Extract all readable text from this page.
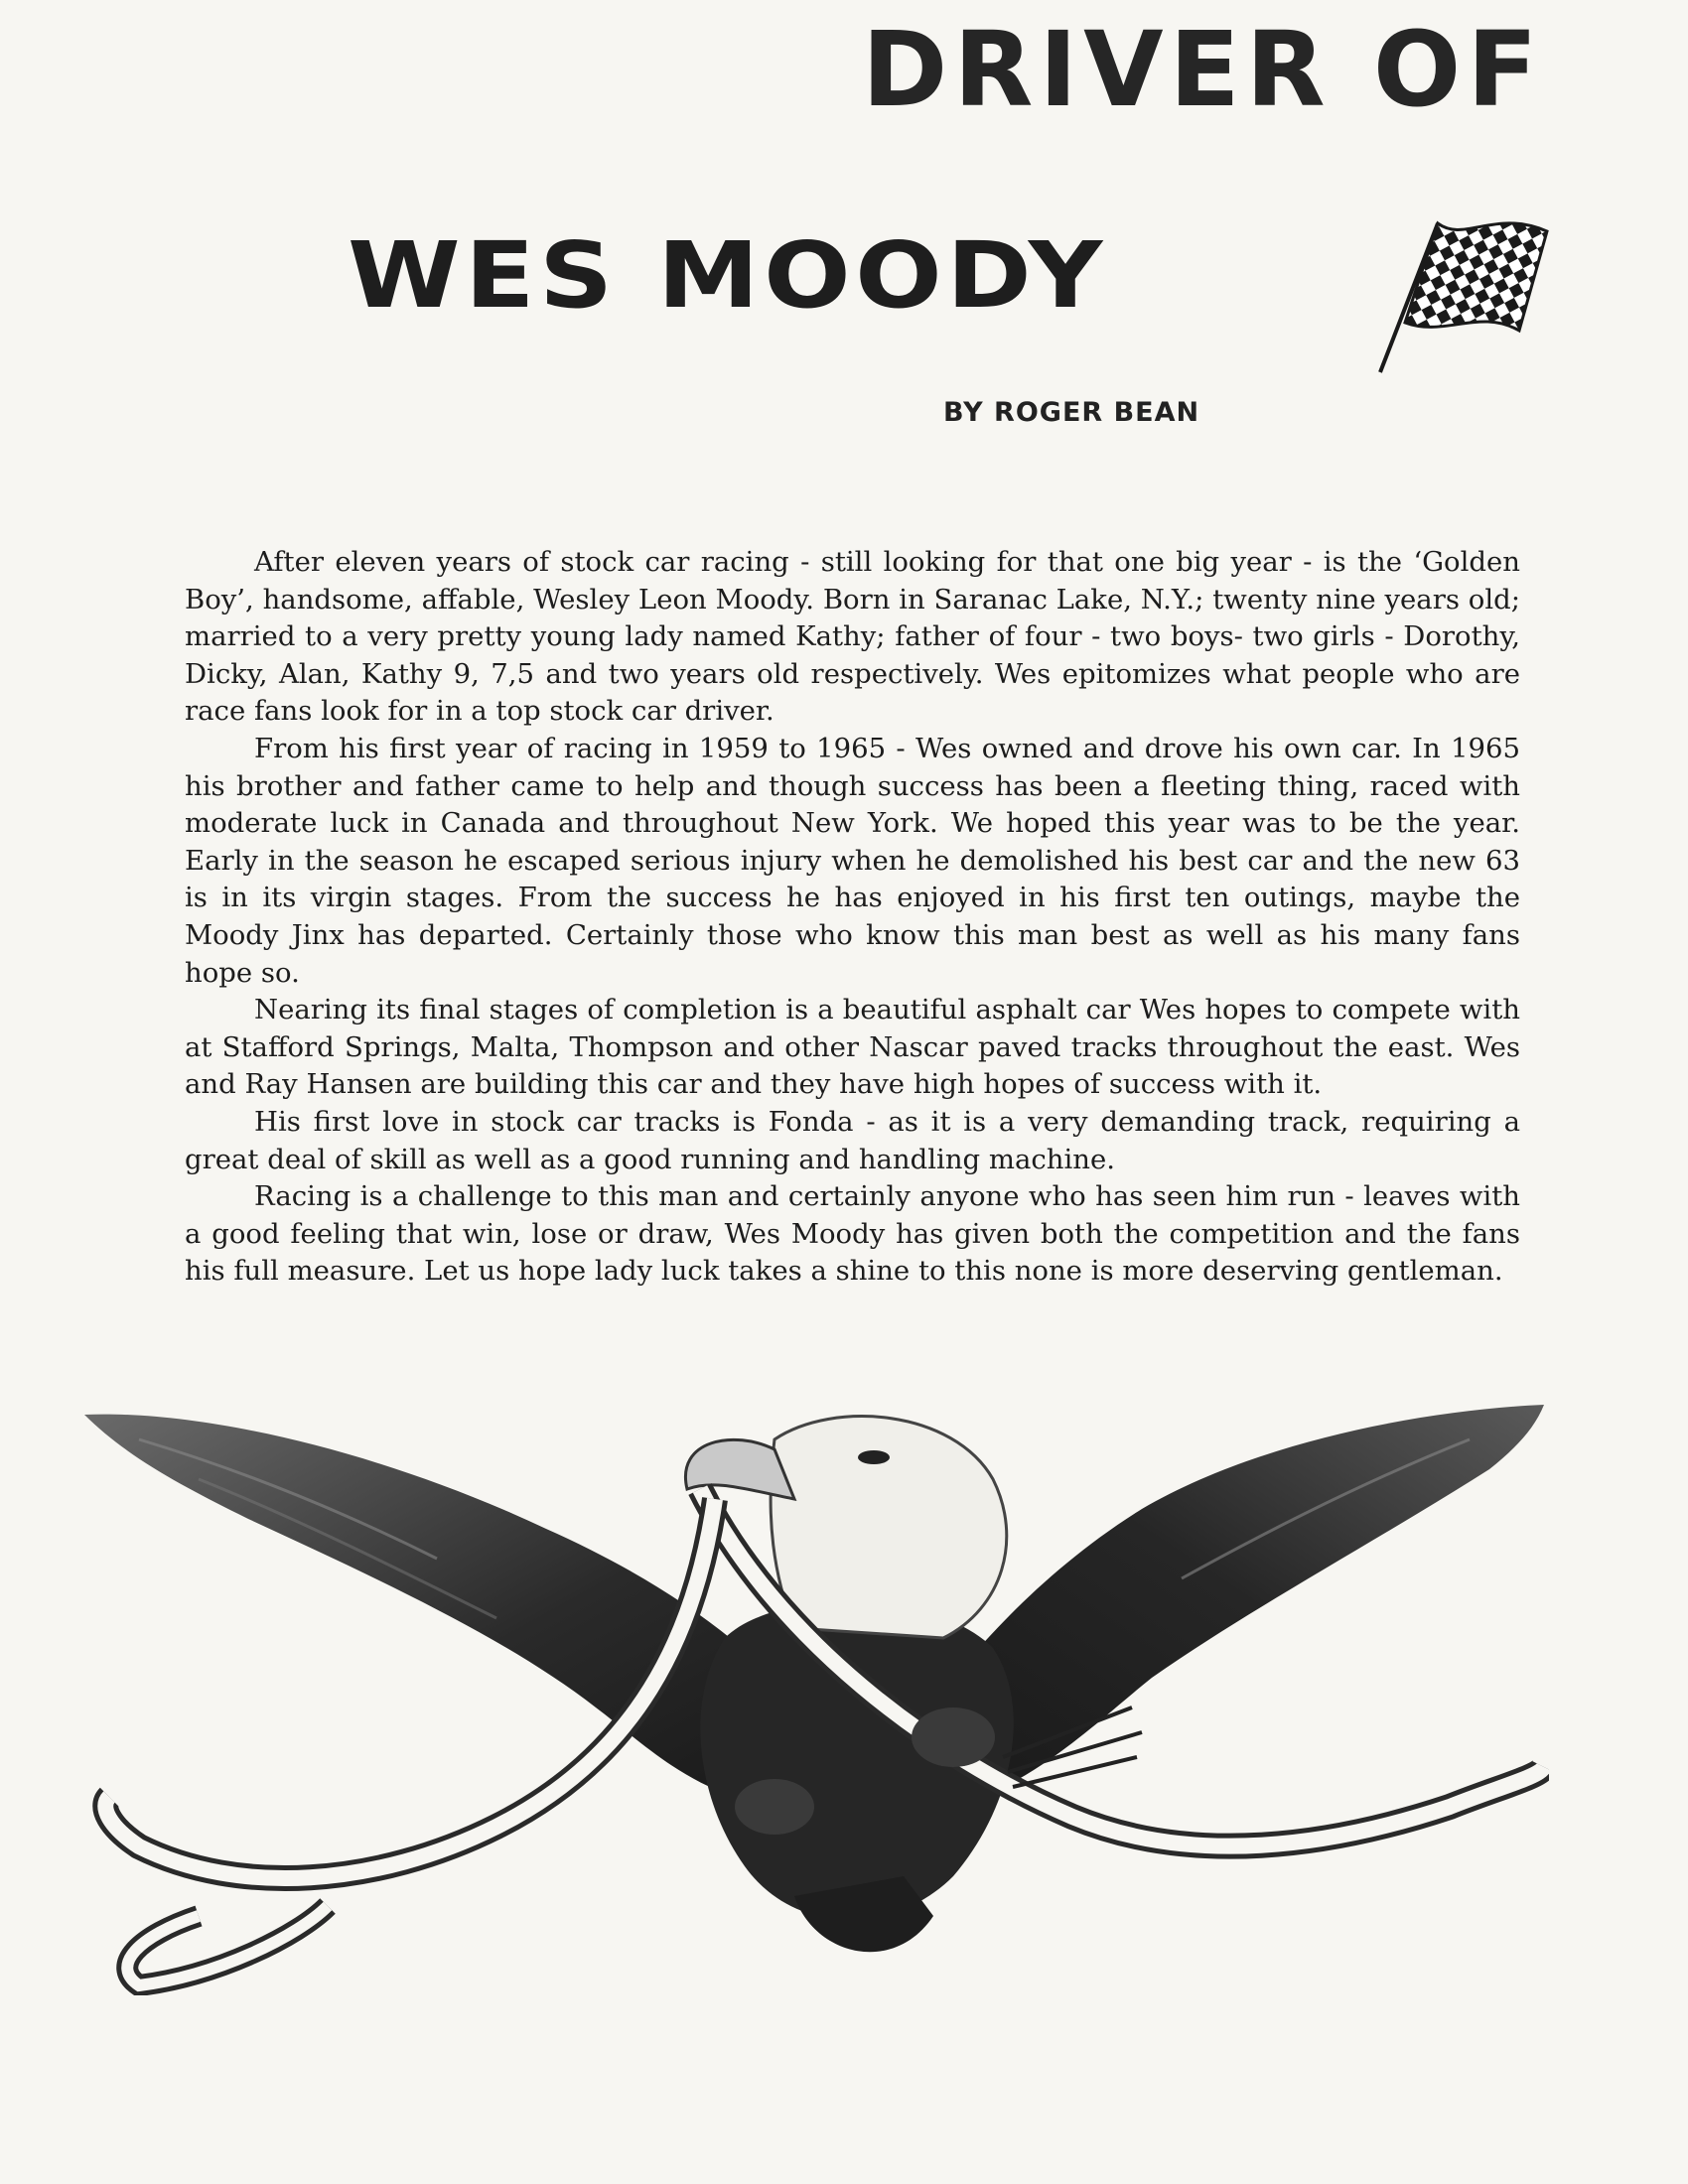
DRIVER OF
WES MOODY
BY ROGER BEAN

After eleven years of stock car racing - still looking for that one big year - is the ‘Golden Boy’, handsome, affable, Wesley Leon Moody. Born in Saranac Lake, N.Y.; twenty nine years old; married to a very pretty young lady named Kathy; father of four - two boys- two girls - Dorothy, Dicky, Alan, Kathy 9, 7,5 and two years old respectively. Wes epitomizes what people who are race fans look for in a top stock car driver.

From his first year of racing in 1959 to 1965 - Wes owned and drove his own car. In 1965 his brother and father came to help and though success has been a fleeting thing, raced with moderate luck in Canada and throughout New York. We hoped this year was to be the year. Early in the season he escaped serious injury when he demolished his best car and the new 63 is in its virgin stages. From the success he has enjoyed in his first ten outings, maybe the Moody Jinx has departed. Certainly those who know this man best as well as his many fans hope so.

Nearing its final stages of completion is a beautiful asphalt car Wes hopes to compete with at Stafford Springs, Malta, Thompson and other Nascar paved tracks throughout the east. Wes and Ray Hansen are building this car and they have high hopes of success with it.

His first love in stock car tracks is Fonda - as it is a very demanding track, requiring a great deal of skill as well as a good running and handling machine.

Racing is a challenge to this man and certainly anyone who has seen him run - leaves with a good feeling that win, lose or draw, Wes Moody has given both the competition and the fans his full measure. Let us hope lady luck takes a shine to this none is more deserving gentleman.
